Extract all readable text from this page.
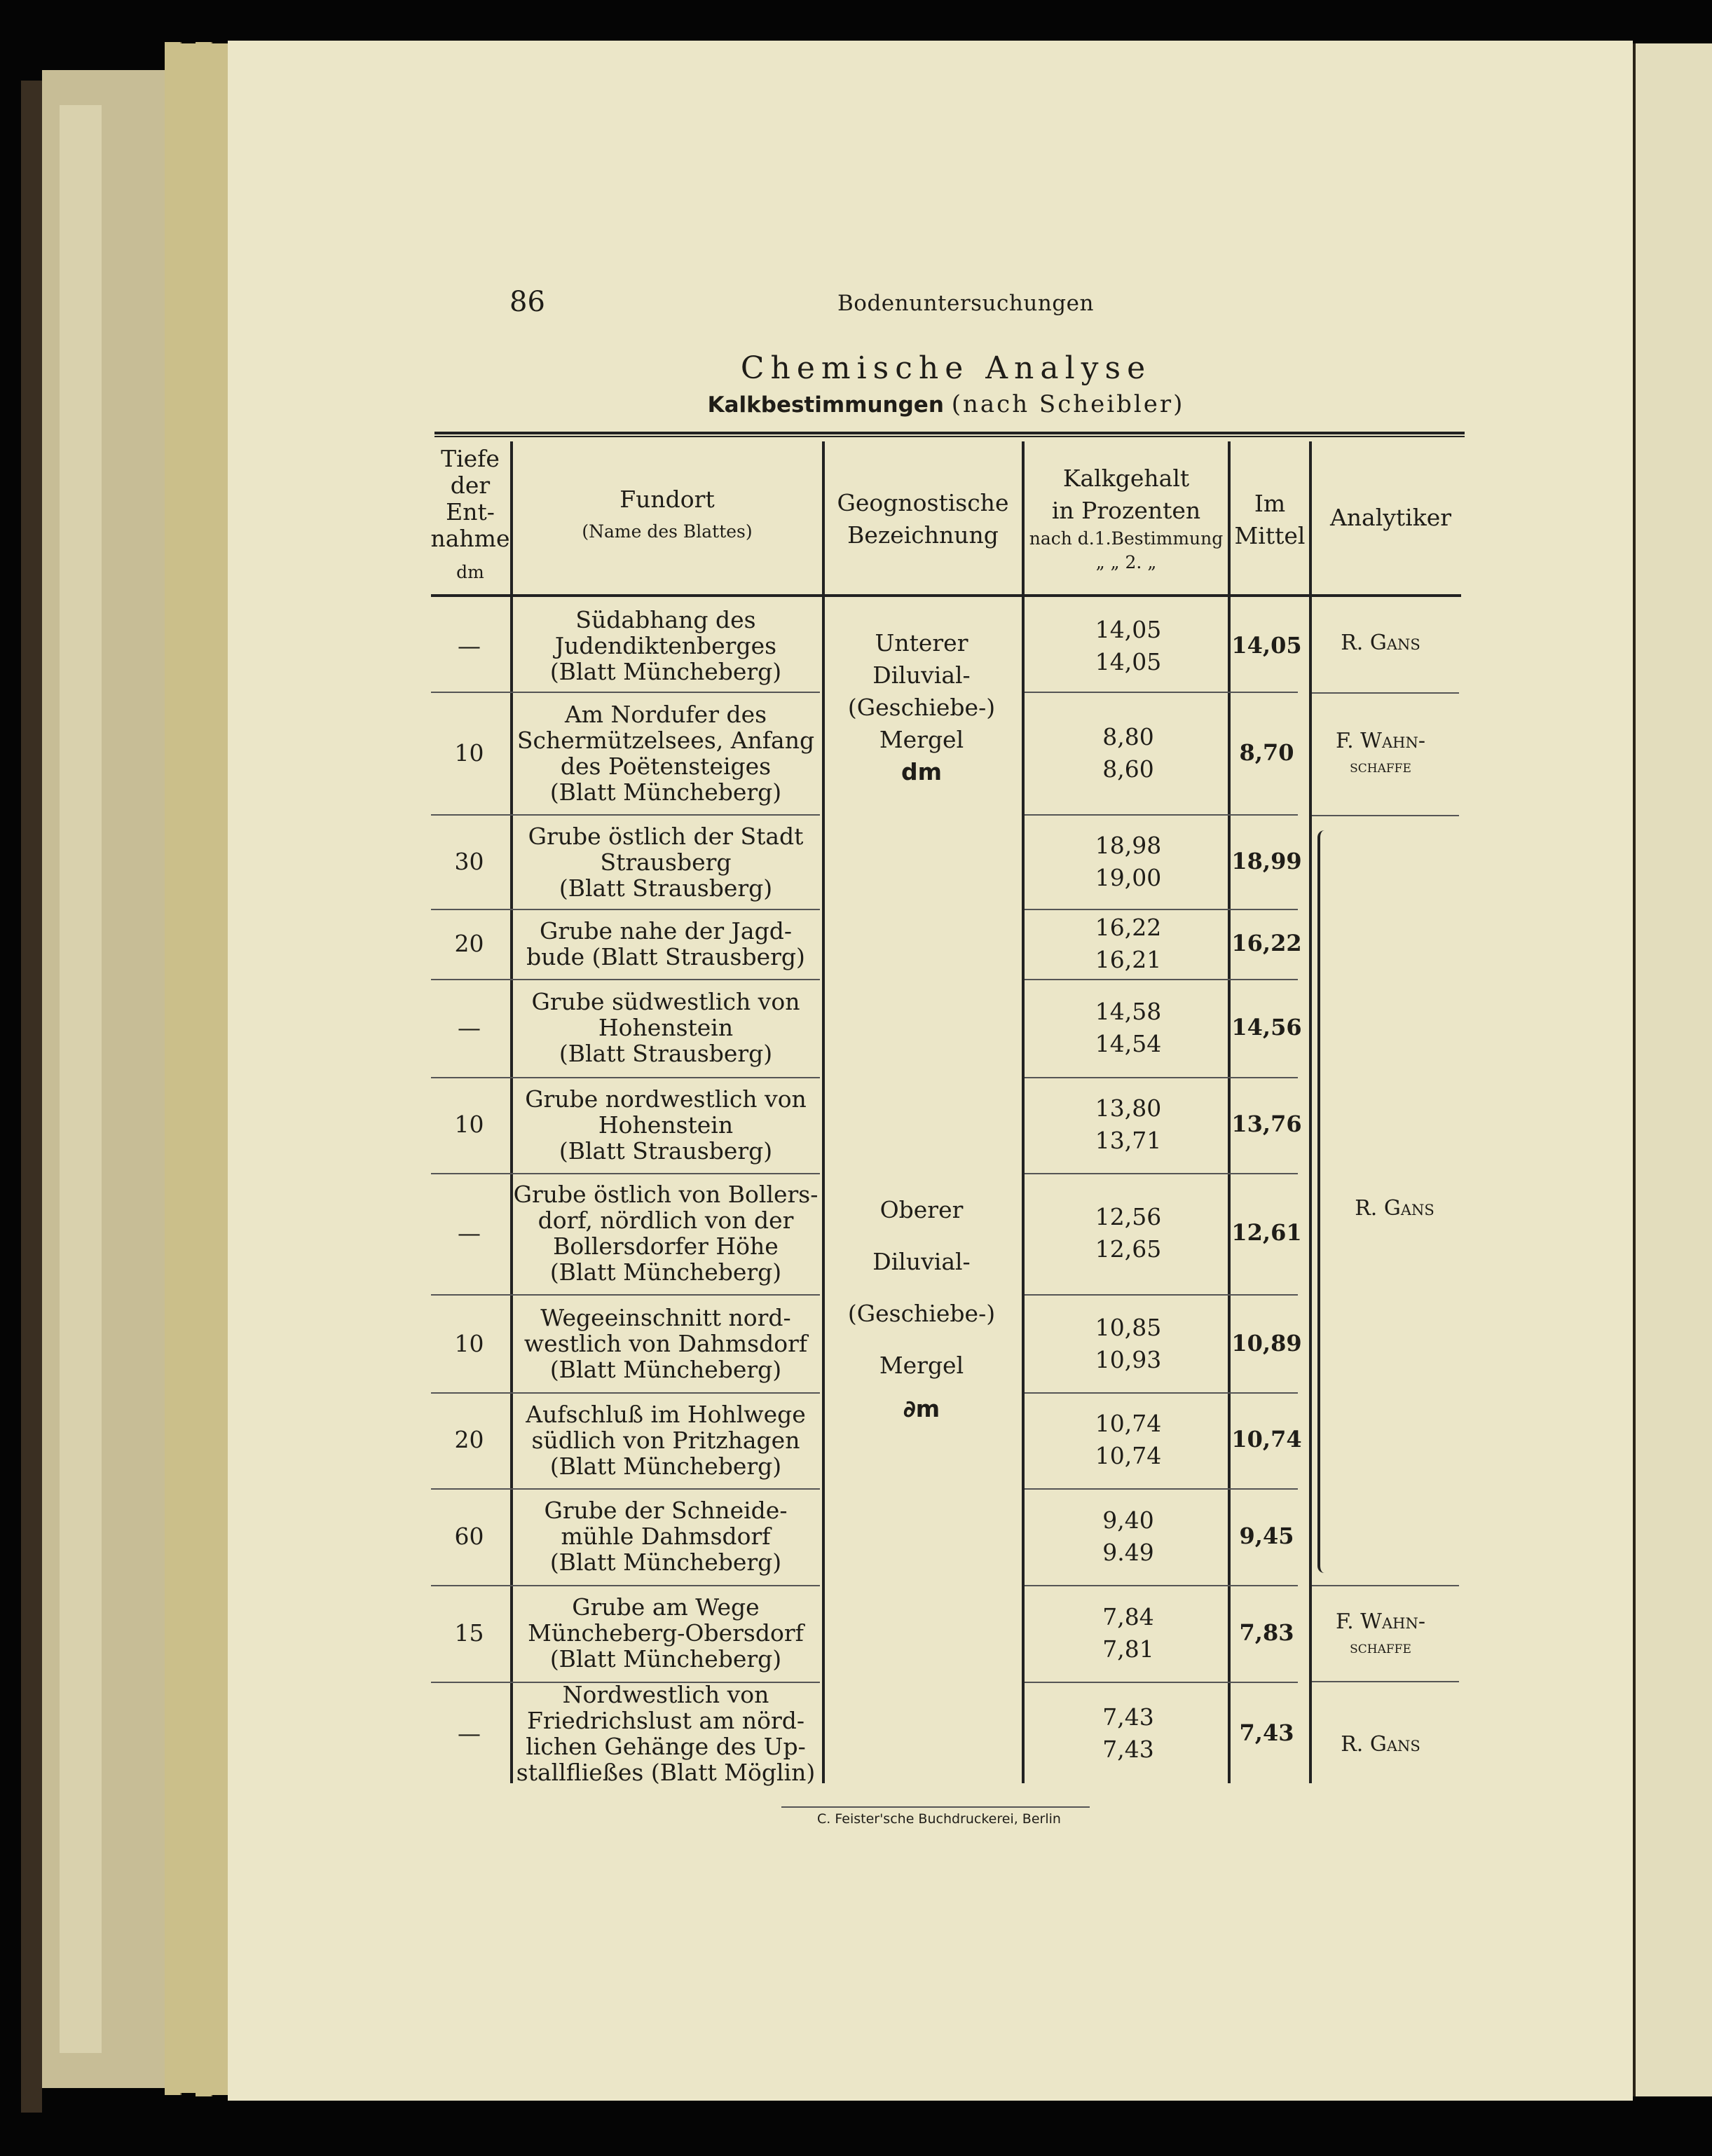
86	Bodenuntersuchungen
Chemische Analyse
Kalkbestimmungen (nach Scheibler)
Tiefe
der
Ent-
nahme
dm
Fundort
(Name des Blattes)
Geognostische
Bezeichnung
Kalkgehalt
in Prozenten
nach d.1.Bestimmung
„ „ 2. „
Im
Mittel
Analytiker
Unterer
Diluvial-
(Geschiebe-)
Mergel
dm
Oberer
Diluvial-
(Geschiebe-)
Mergel
∂m
R. Gans
F. Wahn-
schaffe
R. Gans
F. Wahn-
schaffe
R. Gans
—
Südabhang des
Judendiktenberges
(Blatt Müncheberg)
14,05
14,05
14,05
10
Am Nordufer des
Schermützelsees, Anfang
des Poëtensteiges
(Blatt Müncheberg)
8,80
8,60
8,70
30
Grube östlich der Stadt
Strausberg
(Blatt Strausberg)
18,98
19,00
18,99
20	Grube nahe der Jagd-
bude (Blatt Strausberg)
16,22
16,21
16,22
—
Grube südwestlich von
Hohenstein
(Blatt Strausberg)
14,58
14,54
14,56
10
Grube nordwestlich von
Hohenstein
(Blatt Strausberg)
13,80
13,71
13,76
—
Grube östlich von Bollers-
dorf, nördlich von der
Bollersdorfer Höhe
(Blatt Müncheberg)
12,56
12,65
12,61
10
Wegeeinschnitt nord-
westlich von Dahmsdorf
(Blatt Müncheberg)
10,85
10,93
10,89
20
Aufschluß im Hohlwege
südlich von Pritzhagen
(Blatt Müncheberg)
10,74
10,74
10,74
60
Grube der Schneide-
mühle Dahmsdorf
(Blatt Müncheberg)
9,40
9.49
9,45
15
Grube am Wege
Müncheberg-Obersdorf
(Blatt Müncheberg)
7,84
7,81
7,83
—
Nordwestlich von
Friedrichslust am nörd-
lichen Gehänge des Up-
stallfließes (Blatt Möglin)
7,43
7,43
7,43
C. Feister'sche Buchdruckerei, Berlin
